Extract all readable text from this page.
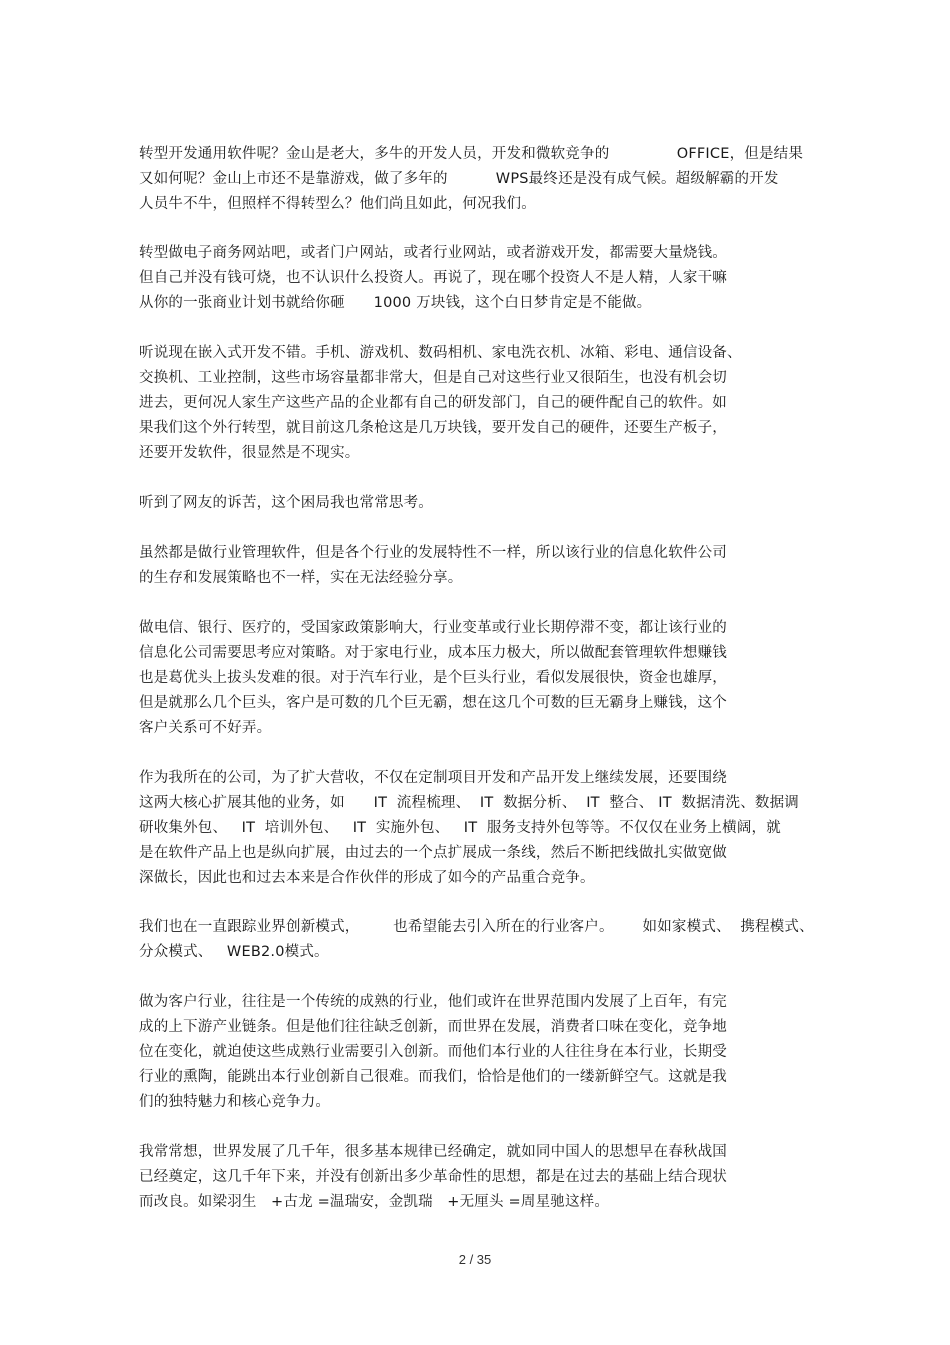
转型开发通用软件呢？金山是老大，多牛的开发人员，开发和微软竞争的              OFFICE，但是结果
又如何呢？金山上市还不是靠游戏，做了多年的          WPS最终还是没有成气候。超级解霸的开发
人员牛不牛，但照样不得转型么？他们尚且如此，何况我们。
转型做电子商务网站吧，或者门户网站，或者行业网站，或者游戏开发，都需要大量烧钱。
但自己并没有钱可烧，也不认识什么投资人。再说了，现在哪个投资人不是人精，人家干嘛
从你的一张商业计划书就给你砸      1000 万块钱，这个白日梦肯定是不能做。
听说现在嵌入式开发不错。手机、游戏机、数码相机、家电洗衣机、冰箱、彩电、通信设备、
交换机、工业控制，这些市场容量都非常大，但是自己对这些行业又很陌生，也没有机会切
进去，更何况人家生产这些产品的企业都有自己的研发部门，自己的硬件配自己的软件。如
果我们这个外行转型，就目前这几条枪这是几万块钱，要开发自己的硬件，还要生产板子，
还要开发软件，很显然是不现实。
听到了网友的诉苦，这个困局我也常常思考。
虽然都是做行业管理软件，但是各个行业的发展特性不一样，所以该行业的信息化软件公司
的生存和发展策略也不一样，实在无法经验分享。
做电信、银行、医疗的，受国家政策影响大，行业变革或行业长期停滞不变，都让该行业的
信息化公司需要思考应对策略。对于家电行业，成本压力极大，所以做配套管理软件想赚钱
也是葛优头上拔头发难的很。对于汽车行业，是个巨头行业，看似发展很快，资金也雄厚，
但是就那么几个巨头，客户是可数的几个巨无霸，想在这几个可数的巨无霸身上赚钱，这个
客户关系可不好弄。
作为我所在的公司，为了扩大营收，不仅在定制项目开发和产品开发上继续发展，还要围绕
这两大核心扩展其他的业务，如      IT  流程梳理、  IT  数据分析、  IT  整合、 IT  数据清洗、数据调
研收集外包、   IT  培训外包、   IT  实施外包、   IT  服务支持外包等等。不仅仅在业务上横阔，就
是在软件产品上也是纵向扩展，由过去的一个点扩展成一条线，然后不断把线做扎实做宽做
深做长，因此也和过去本来是合作伙伴的形成了如今的产品重合竞争。
我们也在一直跟踪业界创新模式，       也希望能去引入所在的行业客户。      如如家模式、  携程模式、
分众模式、   WEB2.0模式。
做为客户行业，往往是一个传统的成熟的行业，他们或许在世界范围内发展了上百年，有完
成的上下游产业链条。但是他们往往缺乏创新，而世界在发展，消费者口味在变化，竞争地
位在变化，就迫使这些成熟行业需要引入创新。而他们本行业的人往往身在本行业，长期受
行业的熏陶，能跳出本行业创新自己很难。而我们，恰恰是他们的一缕新鲜空气。这就是我
们的独特魅力和核心竞争力。
我常常想，世界发展了几千年，很多基本规律已经确定，就如同中国人的思想早在春秋战国
已经奠定，这几千年下来，并没有创新出多少革命性的思想，都是在过去的基础上结合现状
而改良。如梁羽生   +古龙 =温瑞安，金凯瑞   +无厘头 =周星驰这样。
2 / 35
